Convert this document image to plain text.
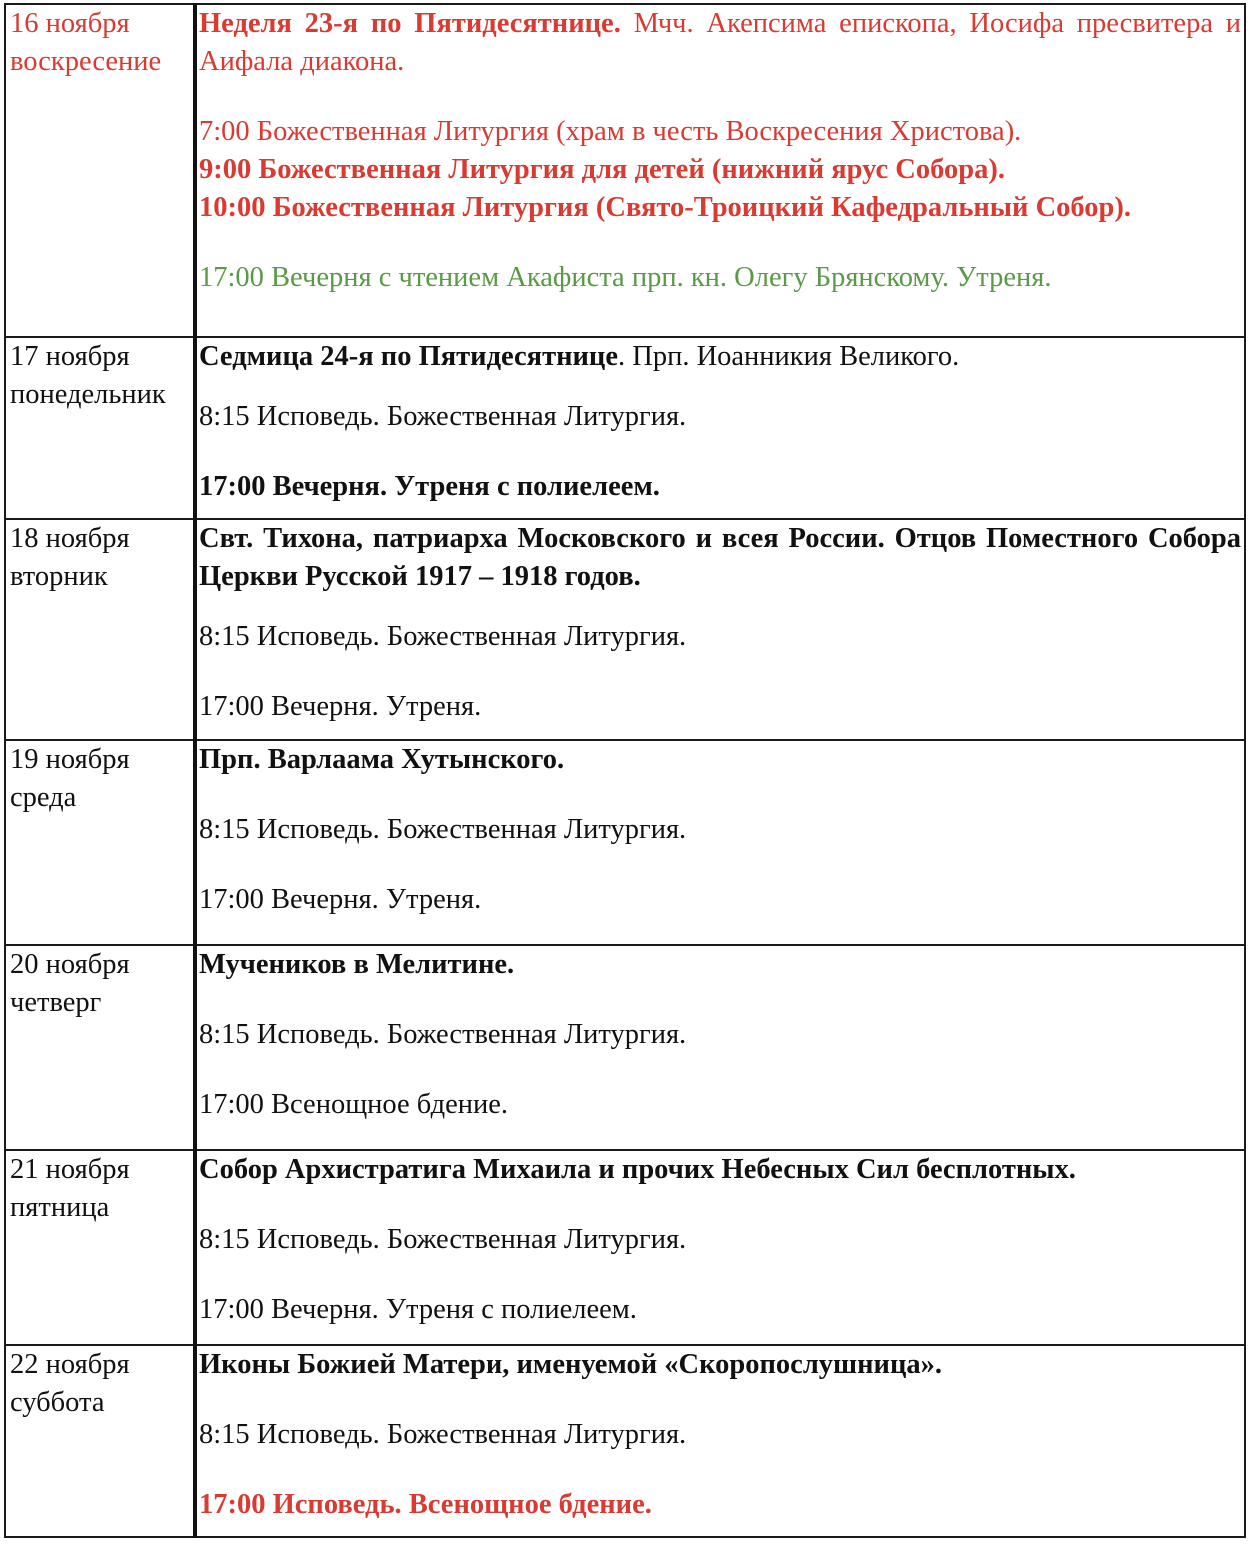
16 ноября
воскресение	Неделя 23-я по Пятидесятнице. Мчч. Акепсима епископа, Иосифа пресвитера и Аифала диакона.
7:00 Божественная Литургия (храм в честь Воскресения Христова).
9:00 Божественная Литургия для детей (нижний ярус Собора).
10:00 Божественная Литургия (Свято-Троицкий Кафедральный Собор).
17:00 Вечерня с чтением Акафиста прп. кн. Олегу Брянскому. Утреня.

17 ноября
понедельник	Седмица 24-я по Пятидесятнице. Прп. Иоанникия Великого.
8:15 Исповедь. Божественная Литургия.
17:00 Вечерня. Утреня с полиелеем.

18 ноября
вторник	Свт. Тихона, патриарха Московского и всея России. Отцов Поместного Собора Церкви Русской 1917 – 1918 годов.
8:15 Исповедь. Божественная Литургия.
17:00 Вечерня. Утреня.

19 ноября
среда	Прп. Варлаама Хутынского.
8:15 Исповедь. Божественная Литургия.
17:00 Вечерня. Утреня.

20 ноября
четверг	Мучеников в Мелитине.
8:15 Исповедь. Божественная Литургия.
17:00 Всенощное бдение.

21 ноября
пятница	Собор Архистратига Михаила и прочих Небесных Сил бесплотных.
8:15 Исповедь. Божественная Литургия.
17:00 Вечерня. Утреня с полиелеем.

22 ноября
суббота	Иконы Божией Матери, именуемой «Скоропослушница».
8:15 Исповедь. Божественная Литургия.
17:00 Исповедь. Всенощное бдение.
